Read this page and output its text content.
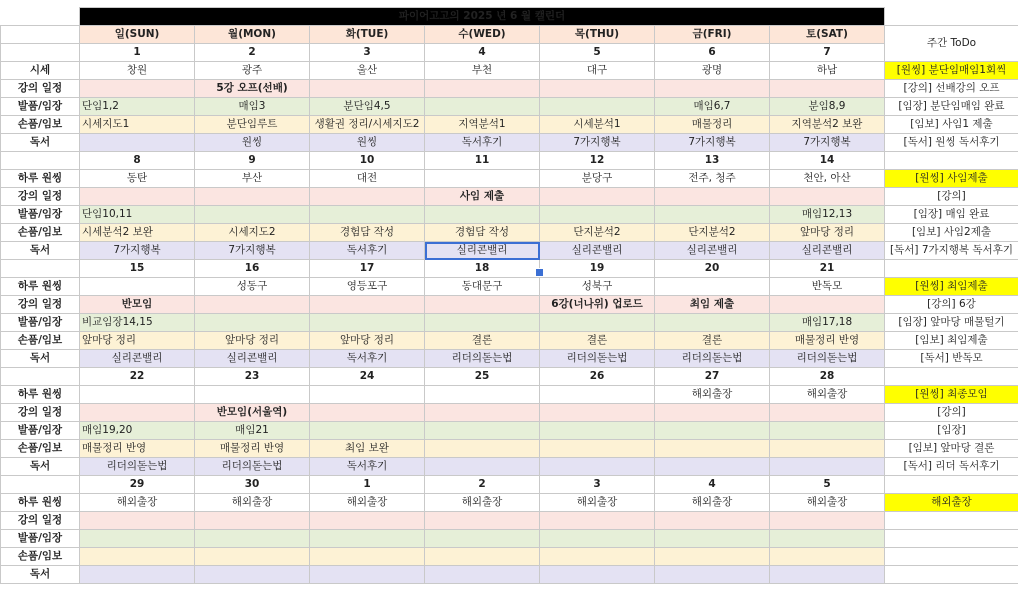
	파이어고고의 2025 년 6 월 캘린더							
	일(SUN)	월(MON)	화(TUE)	수(WED)	목(THU)	금(FRI)	토(SAT)	주간 ToDo
	1	2	3	4	5	6	7	
시세	창원	광주	울산	부천	대구	광명	하남	[원씽] 분단임매임1회씩
강의 일정		5강 오프(선배)						[강의] 선배강의 오프
발품/임장	단임1,2	매임3	분단임4,5			매임6,7	분임8,9	[임장] 분단임매임 완료
손품/임보	시세지도1	분단임루트	생활권 정리/시세지도2	지역분석1	시세분석1	매물정리	지역분석2 보완	[임보] 사임1 제출
독서		원씽	원씽	독서후기	7가지행복	7가지행복	7가지행복	[독서] 원씽 독서후기
	8	9	10	11	12	13	14	
하루 원씽	동탄	부산	대전		분당구	전주, 청주	천안, 아산	[원씽] 사임제출
강의 일정				사임 제출				[강의]
발품/임장	단임10,11						매임12,13	[임장] 매임 완료
손품/임보	시세분석2 보완	시세지도2	경험담 작성	경험담 작성	단지분석2	단지분석2	앞마당 정리	[임보] 사임2제출
독서	7가지행복	7가지행복	독서후기	실리콘밸리	실리콘밸리	실리콘밸리	실리콘밸리	[독서] 7가지행복 독서후기
	15	16	17	18	19	20	21	
하루 원씽		성동구	영등포구	동대문구	성북구		반독모	[원씽] 최임제출
강의 일정	반모임				6강(너나위) 업로드	최임 제출		[강의] 6강
발품/임장	비교임장14,15						매임17,18	[임장] 앞마당 매물털기
손품/임보	앞마당 정리	앞마당 정리	앞마당 정리	결론	결론	결론	매물정리 반영	[임보] 최임제출
독서	실리콘밸리	실리콘밸리	독서후기	리더의돋는법	리더의돋는법	리더의돋는법	리더의돋는법	[독서] 반독모
	22	23	24	25	26	27	28	
하루 원씽						해외출장	해외출장	[원씽] 최종모임
강의 일정		반모임(서울역)						[강의]
발품/임장	매임19,20	매임21						[임장]
손품/임보	매물정리 반영	매물정리 반영	최임 보완					[임보] 앞마당 결론
독서	리더의돋는법	리더의돋는법	독서후기					[독서] 리더 독서후기
	29	30	1	2	3	4	5	
하루 원씽	해외출장	해외출장	해외출장	해외출장	해외출장	해외출장	해외출장	해외출장
강의 일정								
발품/임장								
손품/임보								
독서								
